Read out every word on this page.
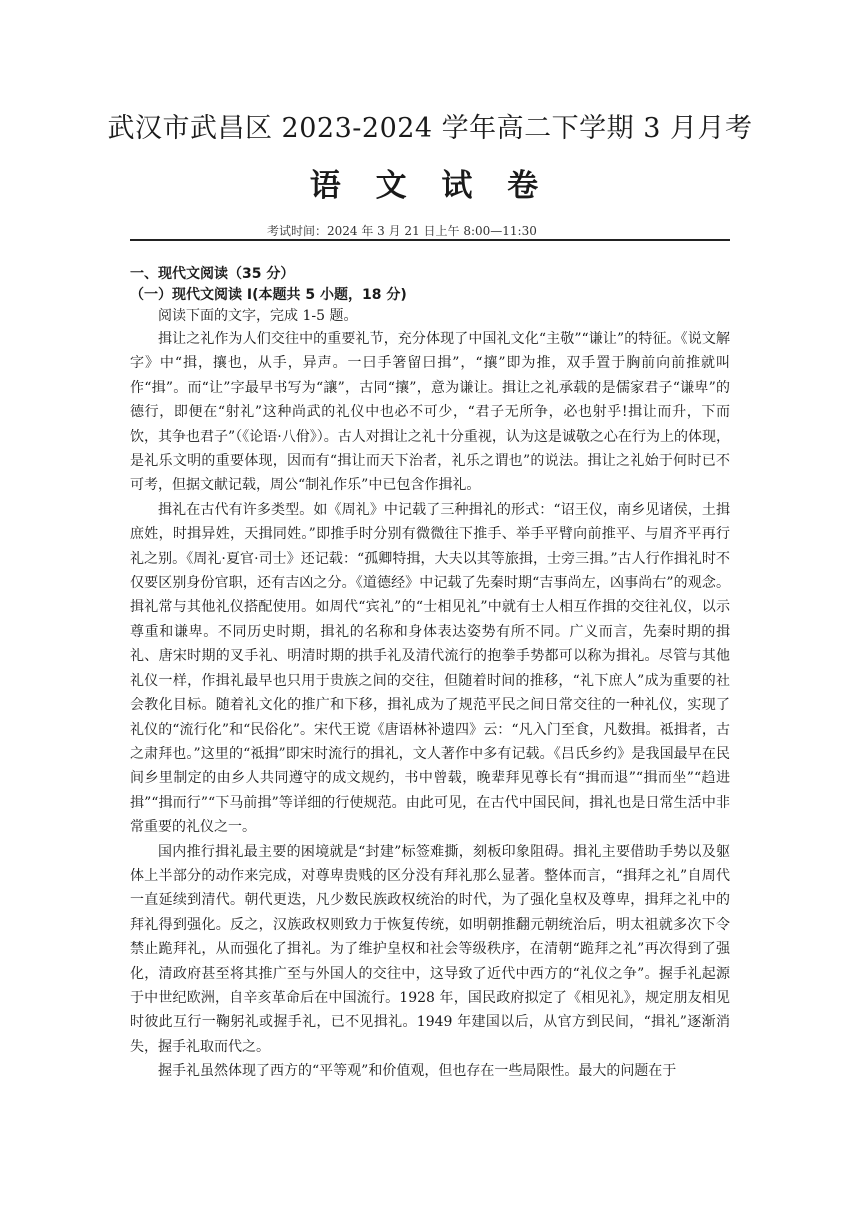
武汉市武昌区 2023-2024 学年高二下学期 3 月月考
语 文 试 卷
考试时间：2024 年 3 月 21 日上午 8:00—11:30
一、现代文阅读（35 分）
（一）现代文阅读 I(本题共 5 小题，18 分)
阅读下面的文字，完成 1-5 题。

揖让之礼作为人们交往中的重要礼节，充分体现了中国礼文化“主敬”“谦让”的特征。《说文解字》中“揖，攘也，从手，异声。一曰手箸留曰揖”，“攘”即为推，双手置于胸前向前推就叫作“揖”。而“让”字最早书写为“讓”，古同“攘”，意为谦让。揖让之礼承载的是儒家君子“谦卑”的德行，即便在“射礼”这种尚武的礼仪中也必不可少，“君子无所争，必也射乎!揖让而升，下而饮，其争也君子”（《论语·八佾》）。古人对揖让之礼十分重视，认为这是诚敬之心在行为上的体现，是礼乐文明的重要体现，因而有“揖让而天下治者，礼乐之谓也”的说法。揖让之礼始于何时已不可考，但据文献记载，周公“制礼作乐”中已包含作揖礼。

揖礼在古代有许多类型。如《周礼》中记载了三种揖礼的形式：“诏王仪，南乡见诸侯，土揖庶姓，时揖异姓，天揖同姓。”即推手时分别有微微往下推手、举手平臂向前推平、与眉齐平再行礼之别。《周礼·夏官·司士》还记载：“孤卿特揖，大夫以其等旅揖，士旁三揖。”古人行作揖礼时不仅要区别身份官职，还有吉凶之分。《道德经》中记载了先秦时期“吉事尚左，凶事尚右”的观念。揖礼常与其他礼仪搭配使用。如周代“宾礼”的“士相见礼”中就有士人相互作揖的交往礼仪，以示尊重和谦卑。不同历史时期，揖礼的名称和身体表达姿势有所不同。广义而言，先秦时期的揖礼、唐宋时期的叉手礼、明清时期的拱手礼及清代流行的抱拳手势都可以称为揖礼。尽管与其他礼仪一样，作揖礼最早也只用于贵族之间的交往，但随着时间的推移，“礼下庶人”成为重要的社会教化目标。随着礼文化的推广和下移，揖礼成为了规范平民之间日常交往的一种礼仪，实现了礼仪的“流行化”和“民俗化”。宋代王谠《唐语林补遗四》云：“凡入门至食，凡数揖。祗揖者，古之肃拜也。”这里的“祗揖”即宋时流行的揖礼，文人著作中多有记载。《吕氏乡约》是我国最早在民间乡里制定的由乡人共同遵守的成文规约，书中曾载，晚辈拜见尊长有“揖而退”“揖而坐”“趋进揖”“揖而行”“下马前揖”等详细的行使规范。由此可见，在古代中国民间，揖礼也是日常生活中非常重要的礼仪之一。

国内推行揖礼最主要的困境就是“封建”标签难撕，刻板印象阻碍。揖礼主要借助手势以及躯体上半部分的动作来完成，对尊卑贵贱的区分没有拜礼那么显著。整体而言，“揖拜之礼”自周代一直延续到清代。朝代更迭，凡少数民族政权统治的时代，为了强化皇权及尊卑，揖拜之礼中的拜礼得到强化。反之，汉族政权则致力于恢复传统，如明朝推翻元朝统治后，明太祖就多次下令禁止跪拜礼，从而强化了揖礼。为了维护皇权和社会等级秩序，在清朝“跪拜之礼”再次得到了强化，清政府甚至将其推广至与外国人的交往中，这导致了近代中西方的“礼仪之争”。握手礼起源于中世纪欧洲，自辛亥革命后在中国流行。1928 年，国民政府拟定了《相见礼》，规定朋友相见时彼此互行一鞠躬礼或握手礼，已不见揖礼。1949 年建国以后，从官方到民间，“揖礼”逐渐消失，握手礼取而代之。

握手礼虽然体现了西方的“平等观”和价值观，但也存在一些局限性。最大的问题在于
